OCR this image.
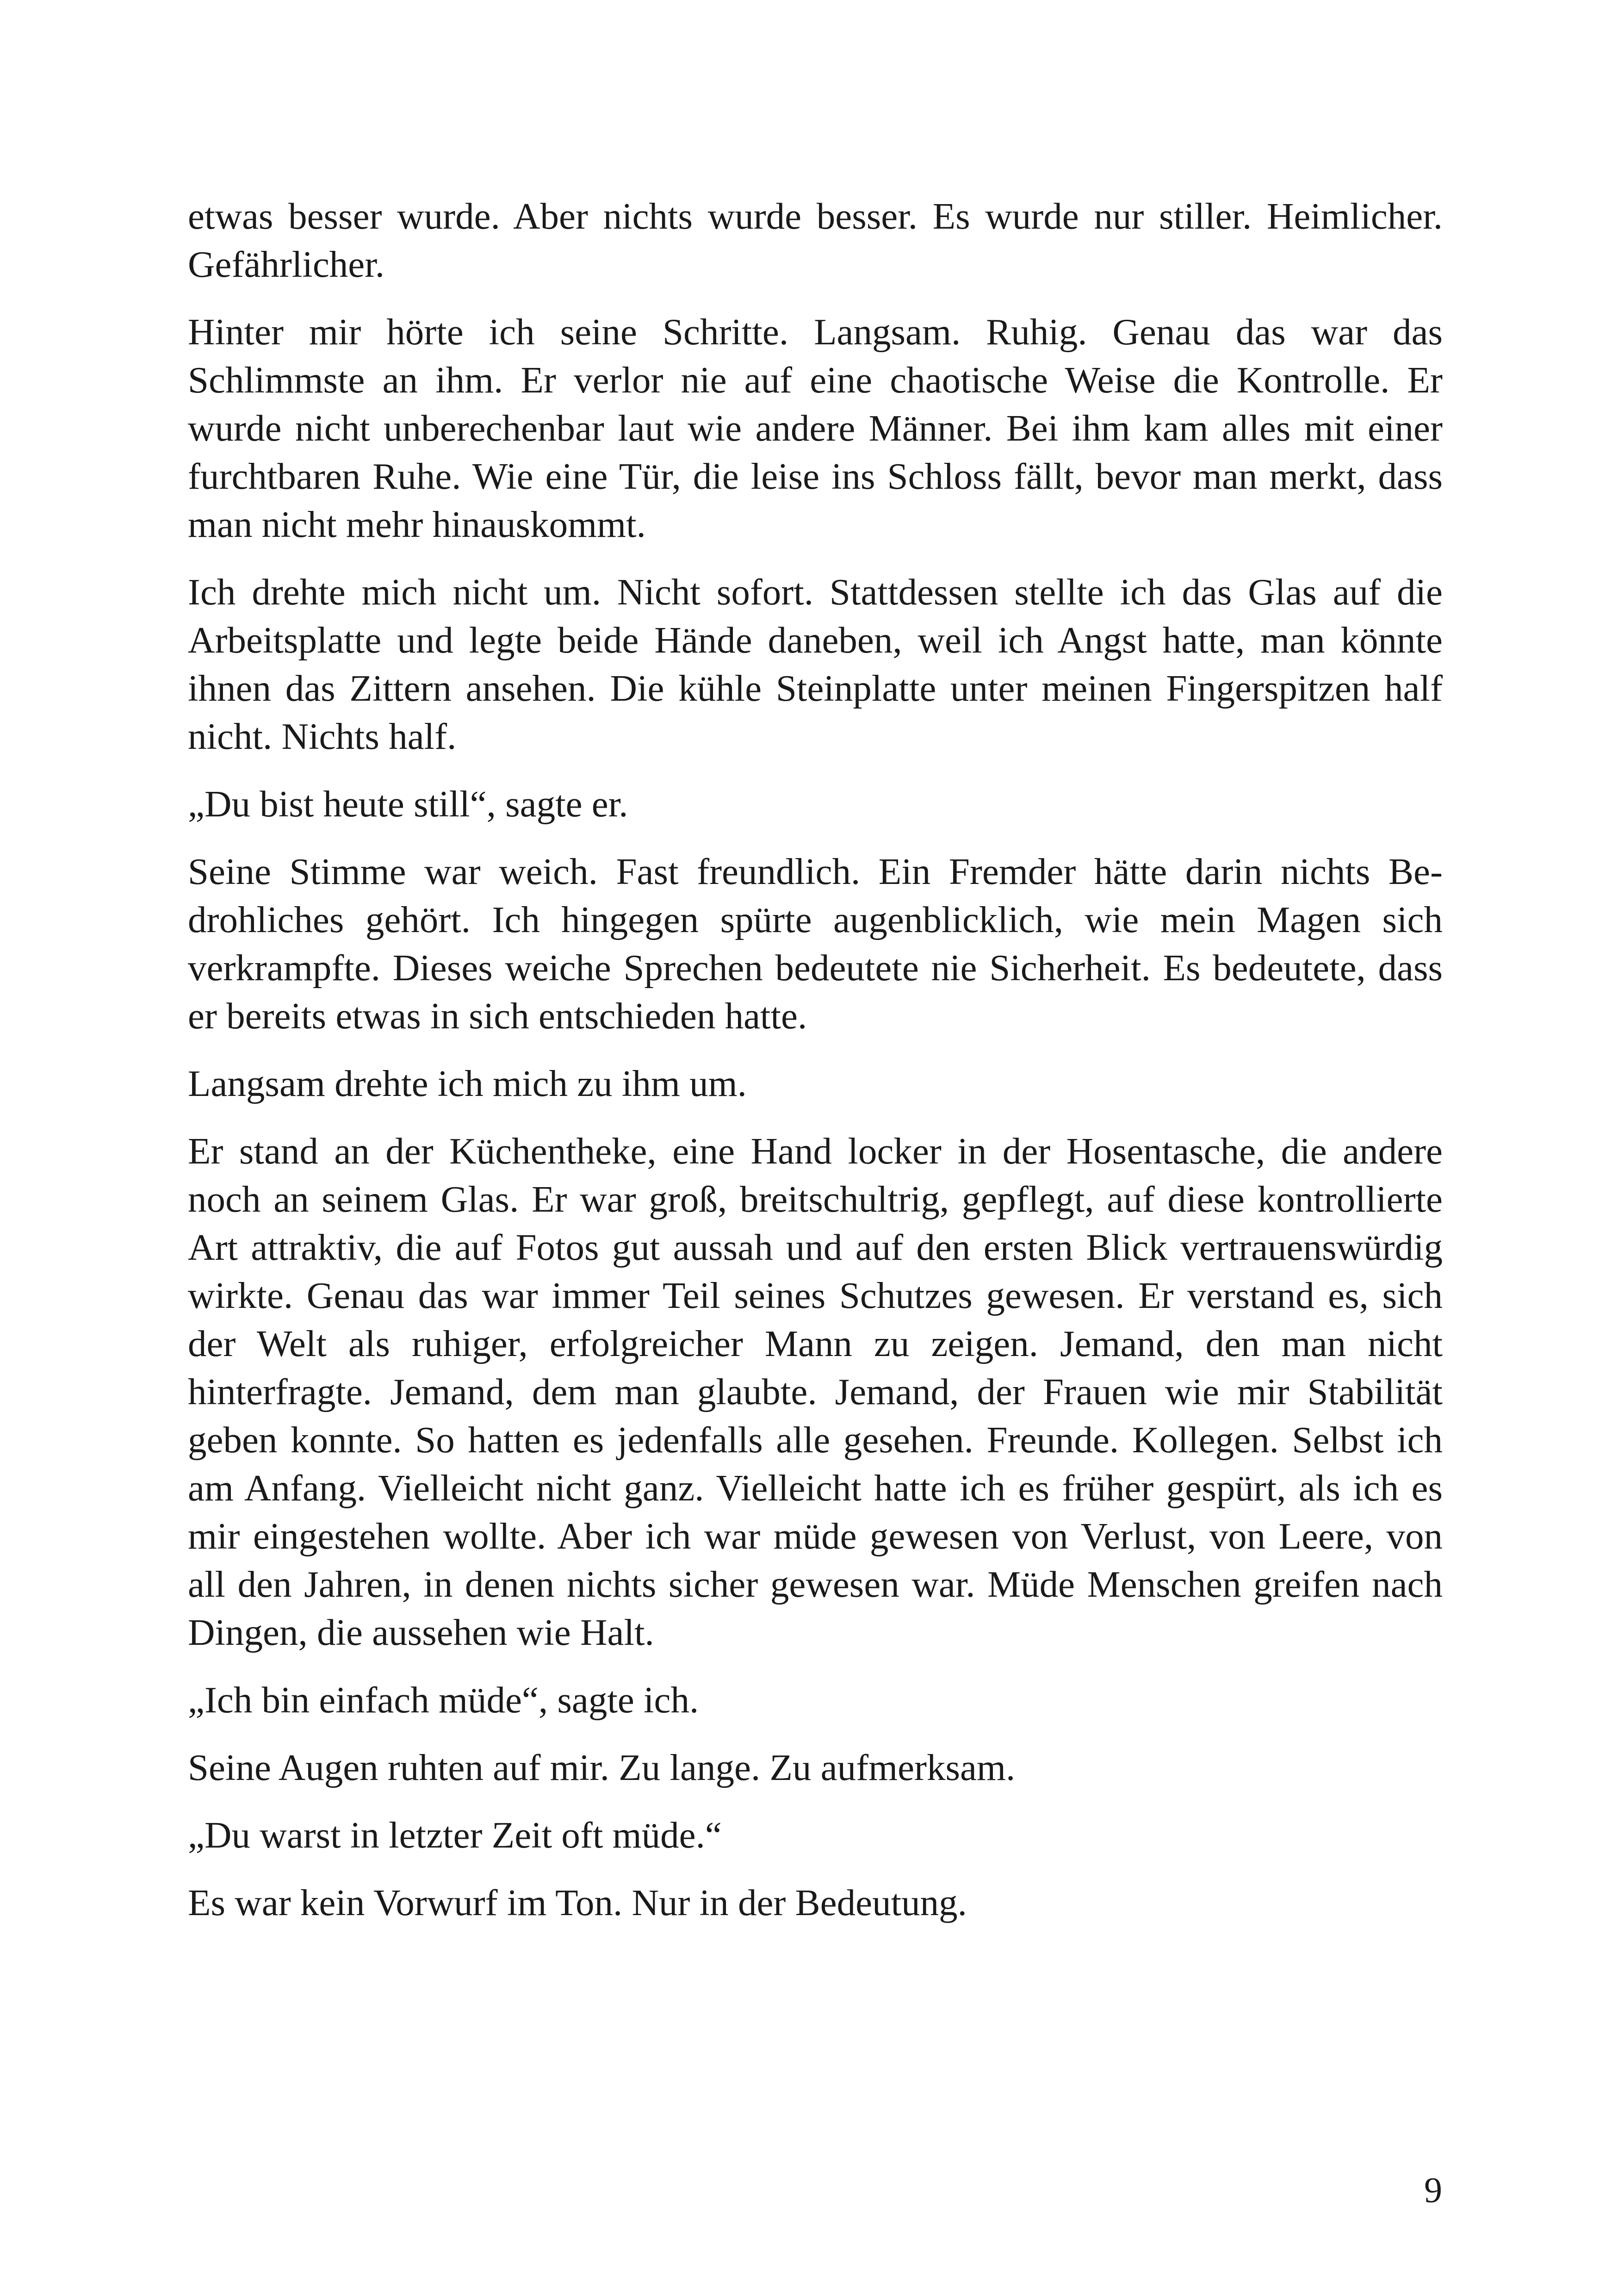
etwas besser wurde. Aber nichts wurde besser. Es wurde nur stiller. Heimlicher. Gefährlicher.

Hinter mir hörte ich seine Schritte. Langsam. Ruhig. Genau das war das Schlimmste an ihm. Er verlor nie auf eine chaotische Weise die Kontrolle. Er wurde nicht unberechenbar laut wie andere Männer. Bei ihm kam alles mit einer furchtbaren Ruhe. Wie eine Tür, die leise ins Schloss fällt, bevor man merkt, dass man nicht mehr hinauskommt.

Ich drehte mich nicht um. Nicht sofort. Stattdessen stellte ich das Glas auf die Arbeitsplatte und legte beide Hände daneben, weil ich Angst hatte, man könnte ihnen das Zittern ansehen. Die kühle Steinplatte unter meinen Fingerspitzen half nicht. Nichts half.

„Du bist heute still“, sagte er.

Seine Stimme war weich. Fast freundlich. Ein Fremder hätte darin nichts Bedrohliches gehört. Ich hingegen spürte augenblicklich, wie mein Magen sich verkrampfte. Dieses weiche Sprechen bedeutete nie Sicherheit. Es bedeutete, dass er bereits etwas in sich entschieden hatte.

Langsam drehte ich mich zu ihm um.

Er stand an der Küchentheke, eine Hand locker in der Hosentasche, die andere noch an seinem Glas. Er war groß, breitschultrig, gepflegt, auf diese kontrollierte Art attraktiv, die auf Fotos gut aussah und auf den ersten Blick vertrauenswürdig wirkte. Genau das war immer Teil seines Schutzes gewesen. Er verstand es, sich der Welt als ruhiger, erfolgreicher Mann zu zeigen. Jemand, den man nicht hinterfragte. Jemand, dem man glaubte. Jemand, der Frauen wie mir Stabilität geben konnte. So hatten es jedenfalls alle gesehen. Freunde. Kollegen. Selbst ich am Anfang. Vielleicht nicht ganz. Vielleicht hatte ich es früher gespürt, als ich es mir eingestehen wollte. Aber ich war müde gewesen von Verlust, von Leere, von all den Jahren, in denen nichts sicher gewesen war. Müde Menschen greifen nach Dingen, die aussehen wie Halt.

„Ich bin einfach müde“, sagte ich.

Seine Augen ruhten auf mir. Zu lange. Zu aufmerksam.

„Du warst in letzter Zeit oft müde.“

Es war kein Vorwurf im Ton. Nur in der Bedeutung.

9
